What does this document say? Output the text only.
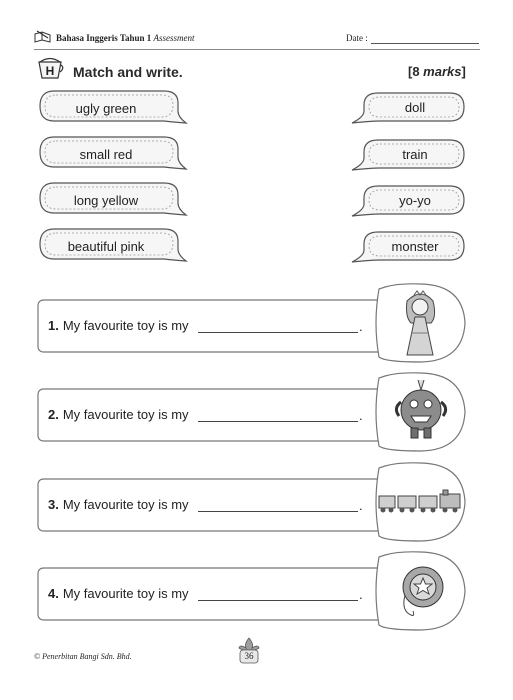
Bahasa Inggeris Tahun 1 Assessment	Date :
H Match and write.	[8 marks]
ugly green
small red
long yellow
beautiful pink
doll
train
yo-yo
monster
1. My favourite toy is my	.
2. My favourite toy is my	.
3. My favourite toy is my	.
4. My favourite toy is my	.
© Penerbitan Bangi Sdn. Bhd.	36
